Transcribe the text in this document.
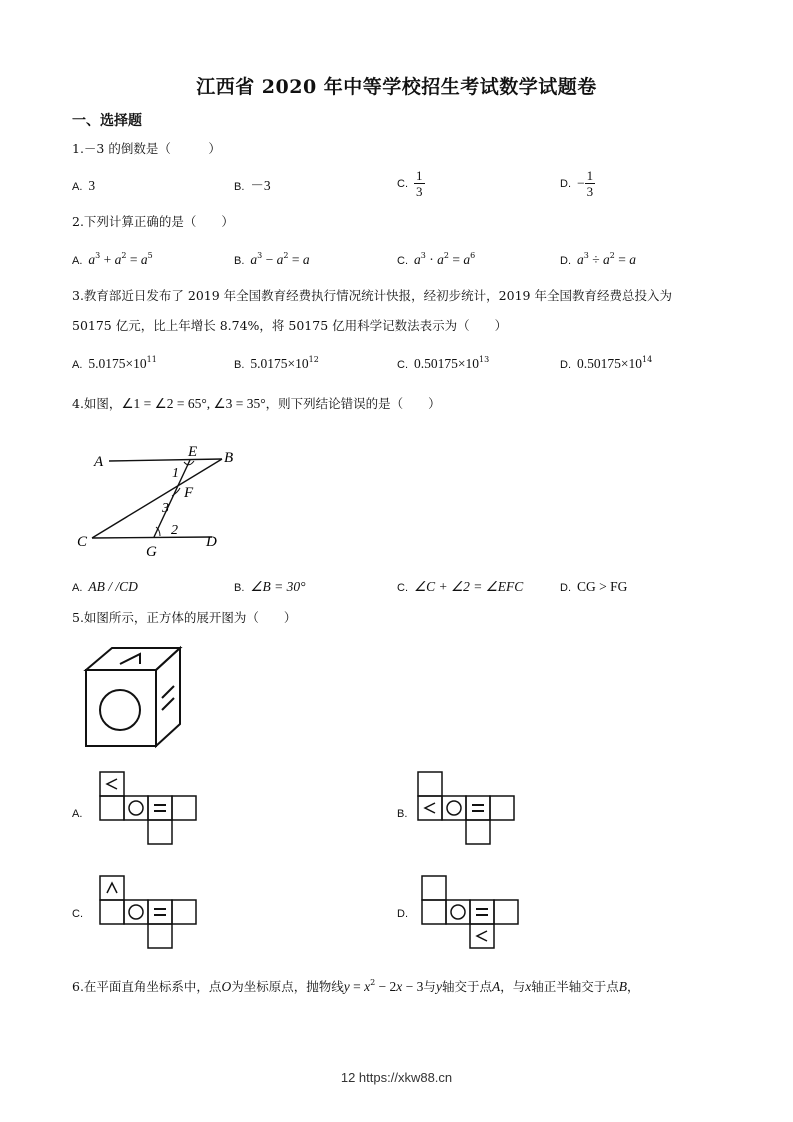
江西省 2020 年中等学校招生考试数学试题卷
一、选择题
1.－3 的倒数是（　　　）
A. 3	B. －3	C. $\frac{1}{3}$	D. − $\frac{1}{3}$
2.下列计算正确的是（　　）
A. $a^3 + a^2 = a^5$	B. $a^3 - a^2 = a$	C. $a^3 \cdot a^2 = a^6$	D. $a^3 \div a^2 = a$
3.教育部近日发布了 2019 年全国教育经费执行情况统计快报，经初步统计，2019 年全国教育经费总投入为
50175 亿元，比上年增长 8.74%，将 50175 亿用科学记数法表示为（　　）
A. $5.0175\times 10^{11}$	B. $5.0175\times 10^{12}$	C. $0.50175\times 10^{13}$	D. $0.50175\times 10^{14}$
4.如图，∠1 = ∠2 = 65°, ∠3 = 35°，则下列结论错误的是（　　）
A	B
C	D
E
F
G
1
3
2
A. AB / /CD	B. ∠B = 30°	C. ∠C + ∠2 = ∠EFC	D. CG > FG
5.如图所示，正方体的展开图为（　　）
A.	B.
C.	D.
6.在平面直角坐标系中，点O为坐标原点，抛物线$y = x^2 - 2x - 3$与y轴交于点A，与x轴正半轴交于点B，
12 https://xkw88.cn
